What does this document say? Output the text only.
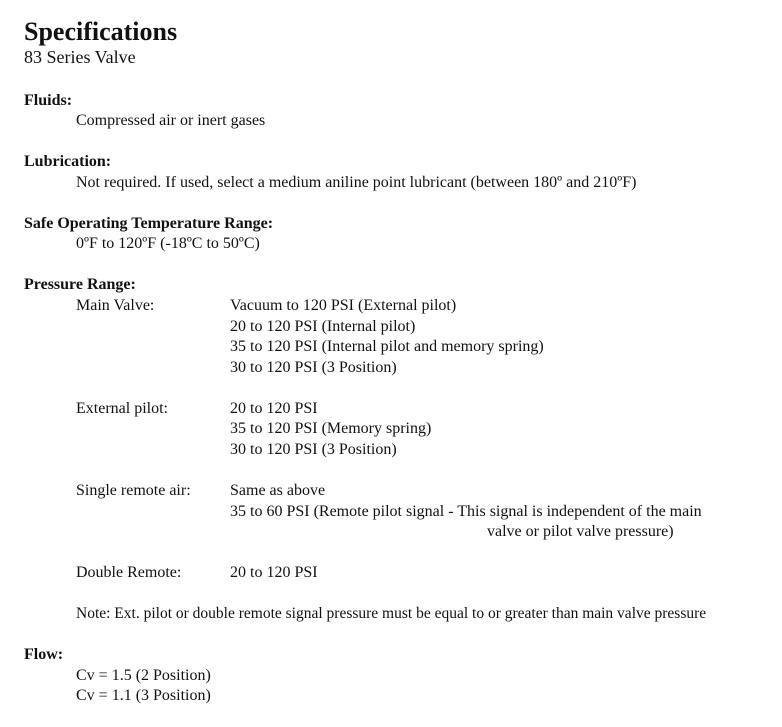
Specifications
83 Series Valve
Fluids:
Compressed air or inert gases
Lubrication:
Not required. If used, select a medium aniline point lubricant (between 180º and 210ºF)
Safe Operating Temperature Range:
0ºF to 120ºF (-18ºC to 50ºC)
Pressure Range:
Main Valve:	Vacuum to 120 PSI (External pilot)
20 to 120 PSI (Internal pilot)
35 to 120 PSI (Internal pilot and memory spring)
30 to 120 PSI (3 Position)
External pilot:	20 to 120 PSI
35 to 120 PSI (Memory spring)
30 to 120 PSI (3 Position)
Single remote air: Same as above
35 to 60 PSI (Remote pilot signal - This signal is independent of the main
valve or pilot valve pressure)
Double Remote:	20 to 120 PSI
Note: Ext. pilot or double remote signal pressure must be equal to or greater than main valve pressure
Flow:
Cv = 1.5 (2 Position)
Cv = 1.1 (3 Position)
